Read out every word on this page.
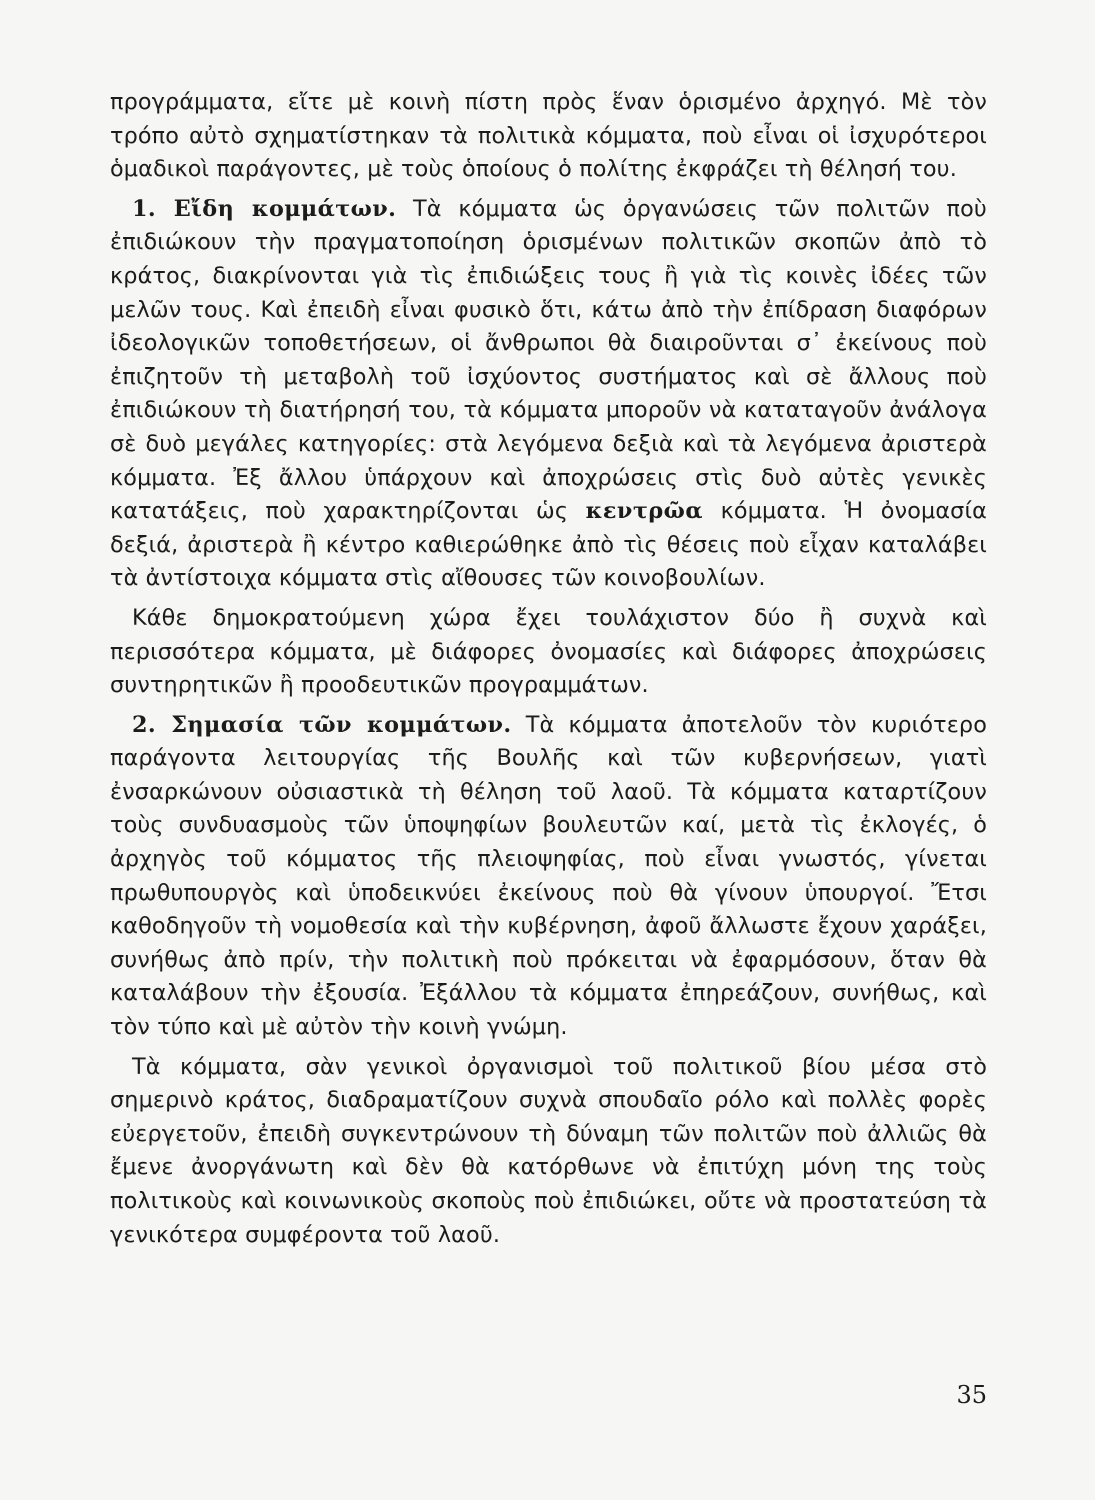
προγράμματα, εἴτε μὲ κοινὴ πίστη πρὸς ἕναν ὁρισμένο ἀρχηγό. Μὲ τὸν τρόπο αὐτὸ σχηματίστηκαν τὰ πολιτικὰ κόμματα, ποὺ εἶναι οἱ ἰσχυρότεροι ὁμαδικοὶ παράγοντες, μὲ τοὺς ὁποίους ὁ πολίτης ἐκφράζει τὴ θέλησή του.

1. Εἴδη κομμάτων. Τὰ κόμματα ὡς ὀργανώσεις τῶν πολιτῶν ποὺ ἐπιδιώκουν τὴν πραγματοποίηση ὁρισμένων πολιτικῶν σκοπῶν ἀπὸ τὸ κράτος, διακρίνονται γιὰ τὶς ἐπιδιώξεις τους ἢ γιὰ τὶς κοινὲς ἰδέες τῶν μελῶν τους. Καὶ ἐπειδὴ εἶναι φυσικὸ ὅτι, κάτω ἀπὸ τὴν ἐπίδραση διαφόρων ἰδεολογικῶν τοποθετήσεων, οἱ ἄνθρωποι θὰ διαιροῦνται σ᾿ ἐκείνους ποὺ ἐπιζητοῦν τὴ μεταβολὴ τοῦ ἰσχύοντος συστήματος καὶ σὲ ἄλλους ποὺ ἐπιδιώκουν τὴ διατήρησή του, τὰ κόμματα μποροῦν νὰ καταταγοῦν ἀνάλογα σὲ δυὸ μεγάλες κατηγορίες: στὰ λεγόμενα δεξιὰ καὶ τὰ λεγόμενα ἀριστερὰ κόμματα. Ἐξ ἄλλου ὑπάρχουν καὶ ἀποχρώσεις στὶς δυὸ αὐτὲς γενικὲς κατατάξεις, ποὺ χαρακτηρίζονται ὡς κεντρῶα κόμματα. Ἡ ὀνομασία δεξιά, ἀριστερὰ ἢ κέντρο καθιερώθηκε ἀπὸ τὶς θέσεις ποὺ εἶχαν καταλάβει τὰ ἀντίστοιχα κόμματα στὶς αἴθουσες τῶν κοινοβουλίων.

Κάθε δημοκρατούμενη χώρα ἔχει τουλάχιστον δύο ἢ συχνὰ καὶ περισσότερα κόμματα, μὲ διάφορες ὀνομασίες καὶ διάφορες ἀποχρώσεις συντηρητικῶν ἢ προοδευτικῶν προγραμμάτων.

2. Σημασία τῶν κομμάτων. Τὰ κόμματα ἀποτελοῦν τὸν κυριότερο παράγοντα λειτουργίας τῆς Βουλῆς καὶ τῶν κυβερνήσεων, γιατὶ ἐνσαρκώνουν οὐσιαστικὰ τὴ θέληση τοῦ λαοῦ. Τὰ κόμματα καταρτίζουν τοὺς συνδυασμοὺς τῶν ὑποψηφίων βουλευτῶν καί, μετὰ τὶς ἐκλογές, ὁ ἀρχηγὸς τοῦ κόμματος τῆς πλειοψηφίας, ποὺ εἶναι γνωστός, γίνεται πρωθυπουργὸς καὶ ὑποδεικνύει ἐκείνους ποὺ θὰ γίνουν ὑπουργοί. Ἔτσι καθοδηγοῦν τὴ νομοθεσία καὶ τὴν κυβέρνηση, ἀφοῦ ἄλλωστε ἔχουν χαράξει, συνήθως ἀπὸ πρίν, τὴν πολιτικὴ ποὺ πρόκειται νὰ ἐφαρμόσουν, ὅταν θὰ καταλάβουν τὴν ἐξουσία. Ἐξάλλου τὰ κόμματα ἐπηρεάζουν, συνήθως, καὶ τὸν τύπο καὶ μὲ αὐτὸν τὴν κοινὴ γνώμη.

Τὰ κόμματα, σὰν γενικοὶ ὀργανισμοὶ τοῦ πολιτικοῦ βίου μέσα στὸ σημερινὸ κράτος, διαδραματίζουν συχνὰ σπουδαῖο ρόλο καὶ πολλὲς φορὲς εὐεργετοῦν, ἐπειδὴ συγκεντρώνουν τὴ δύναμη τῶν πολιτῶν ποὺ ἀλλιῶς θὰ ἔμενε ἀνοργάνωτη καὶ δὲν θὰ κατόρθωνε νὰ ἐπιτύχη μόνη της τοὺς πολιτικοὺς καὶ κοινωνικοὺς σκοποὺς ποὺ ἐπιδιώκει, οὔτε νὰ προστατεύση τὰ γενικότερα συμφέροντα τοῦ λαοῦ.

35
